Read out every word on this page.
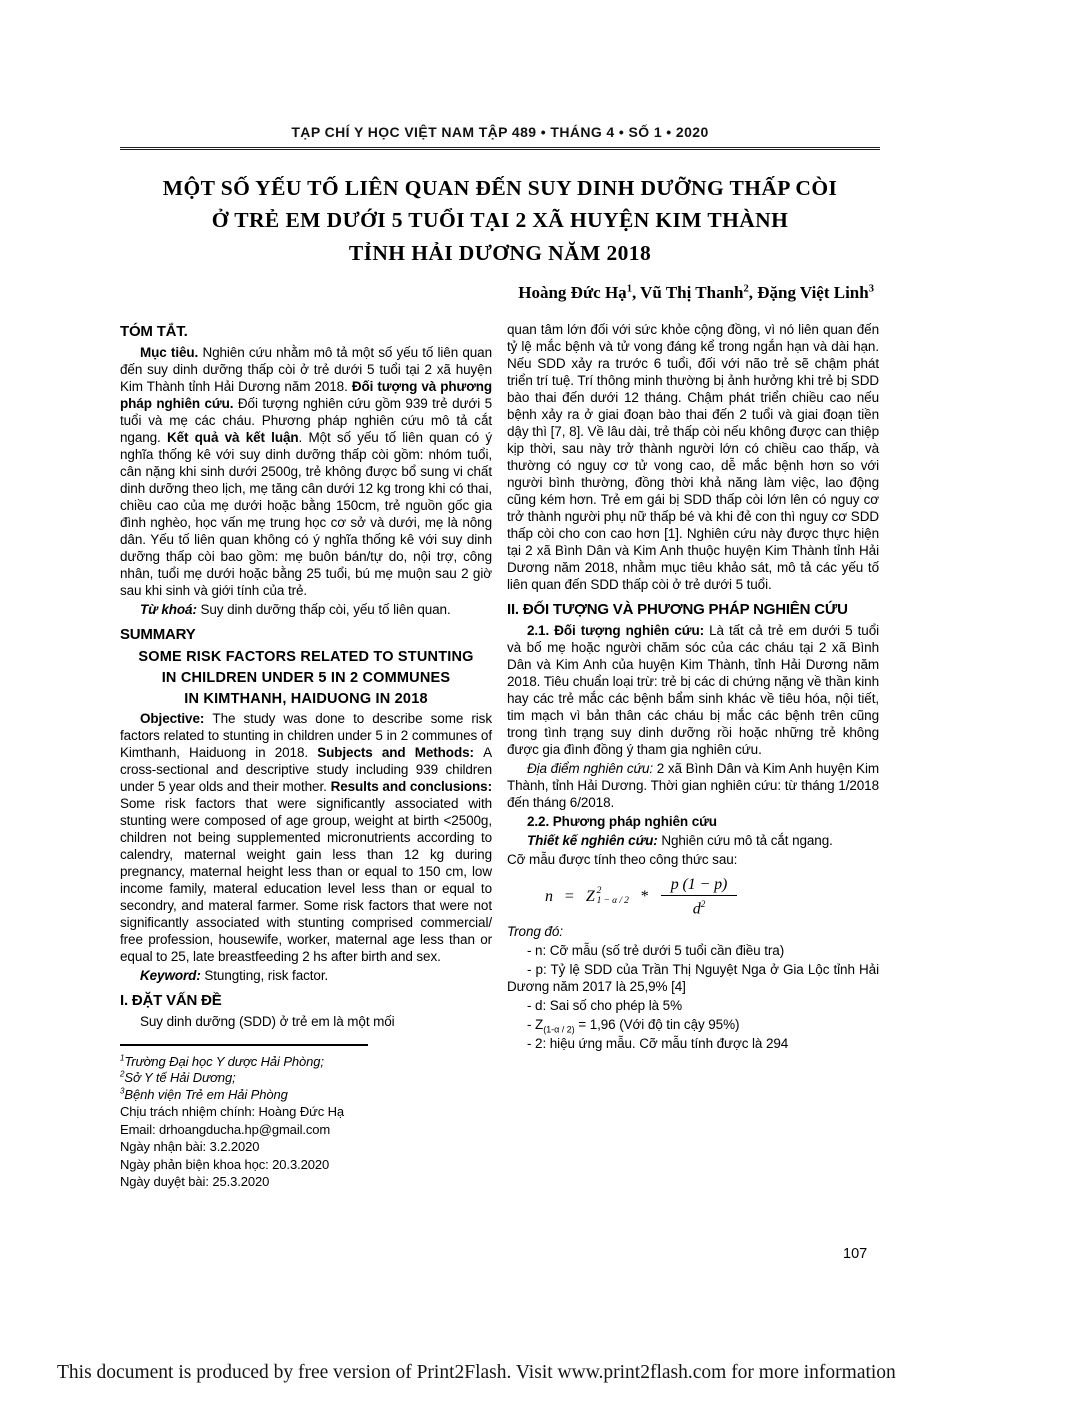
TẠP CHÍ Y HỌC VIỆT NAM TẬP 489 • THÁNG 4 • SỐ 1 • 2020
MỘT SỐ YẾU TỐ LIÊN QUAN ĐẾN SUY DINH DƯỠNG THẤP CÒI
Ở TRẺ EM DƯỚI 5 TUỔI TẠI 2 XÃ HUYỆN KIM THÀNH
TỈNH HẢI DƯƠNG NĂM 2018
Hoàng Đức Hạ$^1$, Vũ Thị Thanh$^2$, Đặng Việt Linh$^3$
TÓM TẮT.

Mục tiêu. Nghiên cứu nhằm mô tả một số yếu tố liên quan đến suy dinh dưỡng thấp còi ở trẻ dưới 5 tuổi tại 2 xã huyện Kim Thành tỉnh Hải Dương năm 2018. Đối tượng và phương pháp nghiên cứu. Đối tượng nghiên cứu gồm 939 trẻ dưới 5 tuổi và mẹ các cháu. Phương pháp nghiên cứu mô tả cắt ngang. Kết quả và kết luận. Một số yếu tố liên quan có ý nghĩa thống kê với suy dinh dưỡng thấp còi gồm: nhóm tuổi, cân nặng khi sinh dưới 2500g, trẻ không được bổ sung vi chất dinh dưỡng theo lịch, mẹ tăng cân dưới 12 kg trong khi có thai, chiều cao của mẹ dưới hoặc bằng 150cm, trẻ nguồn gốc gia đình nghèo, học vấn mẹ trung học cơ sở và dưới, mẹ là nông dân. Yếu tố liên quan không có ý nghĩa thống kê với suy dinh dưỡng thấp còi bao gồm: mẹ buôn bán/tự do, nội trợ, công nhân, tuổi mẹ dưới hoặc bằng 25 tuổi, bú mẹ muộn sau 2 giờ sau khi sinh và giới tính của trẻ.

Từ khoá: Suy dinh dưỡng thấp còi, yếu tố liên quan.

SUMMARY
SOME RISK FACTORS RELATED TO STUNTING
IN CHILDREN UNDER 5 IN 2 COMMUNES
IN KIMTHANH, HAIDUONG IN 2018

Objective: The study was done to describe some risk factors related to stunting in children under 5 in 2 communes of Kimthanh, Haiduong in 2018. Subjects and Methods: A cross-sectional and descriptive study including 939 children under 5 year olds and their mother. Results and conclusions: Some risk factors that were significantly associated with stunting were composed of age group, weight at birth <2500g, children not being supplemented micronutrients according to calendry, maternal weight gain less than 12 kg during pregnancy, maternal height less than or equal to 150 cm, low income family, materal education level less than or equal to secondry, and materal farmer. Some risk factors that were not significantly associated with stunting comprised commercial/ free profession, housewife, worker, maternal age less than or equal to 25, late breastfeeding 2 hs after birth and sex.

Keyword: Stungting, risk factor.

I. ĐẶT VẤN ĐỀ

Suy dinh dưỡng (SDD) ở trẻ em là một mối

$^1$Trường Đại học Y dược Hải Phòng;

$^2$Sở Y tế Hải Dương;

$^3$Bệnh viện Trẻ em Hải Phòng

Chịu trách nhiệm chính: Hoàng Đức Hạ

Email: drhoangducha.hp@gmail.com

Ngày nhận bài: 3.2.2020

Ngày phản biện khoa học: 20.3.2020

Ngày duyệt bài: 25.3.2020

quan tâm lớn đối với sức khỏe cộng đồng, vì nó liên quan đến tỷ lệ mắc bệnh và tử vong đáng kể trong ngắn hạn và dài hạn. Nếu SDD xảy ra trước 6 tuổi, đối với não trẻ sẽ chậm phát triển trí tuệ. Trí thông minh thường bị ảnh hưởng khi trẻ bị SDD bào thai đến dưới 12 tháng. Chậm phát triển chiều cao nếu bệnh xảy ra ở giai đoạn bào thai đến 2 tuổi và giai đoạn tiền dậy thì [7, 8]. Về lâu dài, trẻ thấp còi nếu không được can thiệp kịp thời, sau này trở thành người lớn có chiều cao thấp, và thường có nguy cơ tử vong cao, dễ mắc bệnh hơn so với người bình thường, đồng thời khả năng làm việc, lao động cũng kém hơn. Trẻ em gái bị SDD thấp còi lớn lên có nguy cơ trở thành người phụ nữ thấp bé và khi đẻ con thì nguy cơ SDD thấp còi cho con cao hơn [1]. Nghiên cứu này được thực hiện tại 2 xã Bình Dân và Kim Anh thuộc huyện Kim Thành tỉnh Hải Dương năm 2018, nhằm mục tiêu khảo sát, mô tả các yếu tố liên quan đến SDD thấp còi ở trẻ dưới 5 tuổi.

II. ĐỐI TƯỢNG VÀ PHƯƠNG PHÁP NGHIÊN CỨU

2.1. Đối tượng nghiên cứu: Là tất cả trẻ em dưới 5 tuổi và bố mẹ hoặc người chăm sóc của các cháu tại 2 xã Bình Dân và Kim Anh của huyện Kim Thành, tỉnh Hải Dương năm 2018. Tiêu chuẩn loại trừ: trẻ bị các di chứng nặng về thần kinh hay các trẻ mắc các bệnh bẩm sinh khác về tiêu hóa, nội tiết, tim mạch vì bản thân các cháu bị mắc các bệnh trên cũng trong tình trạng suy dinh dưỡng rồi hoặc những trẻ không được gia đình đồng ý tham gia nghiên cứu.

Địa điểm nghiên cứu: 2 xã Bình Dân và Kim Anh huyện Kim Thành, tỉnh Hải Dương. Thời gian nghiên cứu: từ tháng 1/2018 đến tháng 6/2018.

2.2. Phương pháp nghiên cứu

Thiết kế nghiên cứu: Nghiên cứu mô tả cắt ngang.

Cỡ mẫu được tính theo công thức sau:

n = Z 2
$1 - \alpha / 2 * \frac{p (1 - p)}{d^2}$

Trong đó:

- n: Cỡ mẫu (số trẻ dưới 5 tuổi cần điều tra)

- p: Tỷ lệ SDD của Trần Thị Nguyệt Nga ở Gia Lộc tỉnh Hải Dương năm 2017 là 25,9% [4]

- d: Sai số cho phép là 5%

- $Z_{(1-\alpha / 2)} = 1,96$ (Với độ tin cậy 95%)

- 2: hiệu ứng mẫu. Cỡ mẫu tính được là 294

107
This document is produced by free version of Print2Flash. Visit www.print2flash.com for more information
